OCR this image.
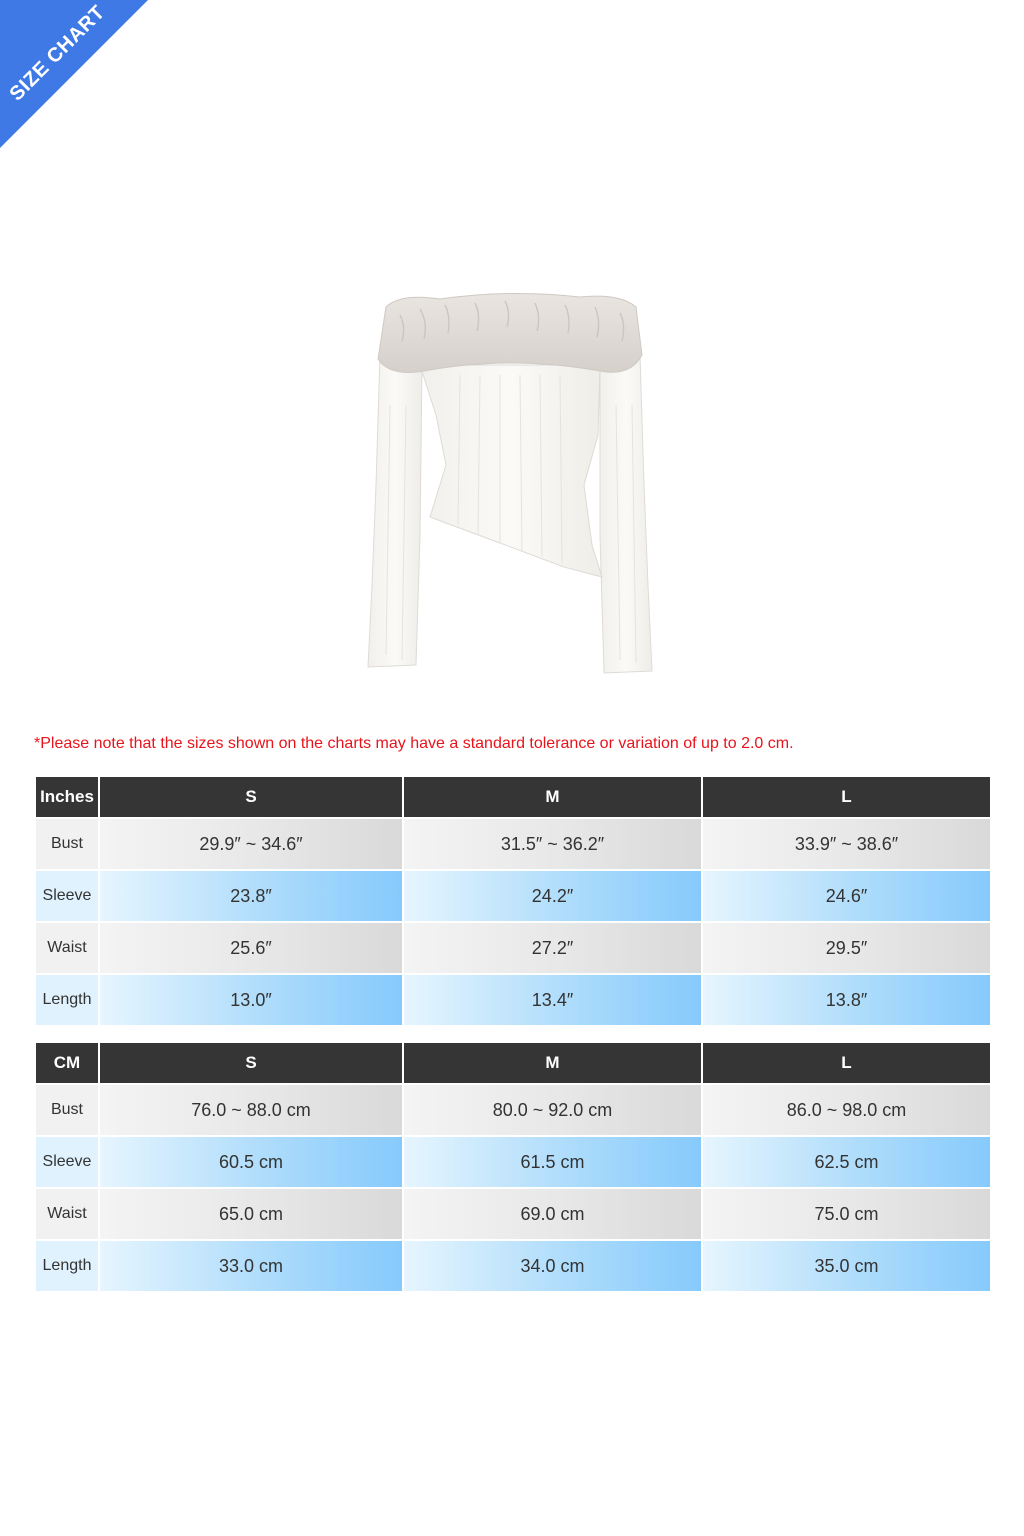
SIZE CHART
*Please note that the sizes shown on the charts may have a standard tolerance or variation of up to 2.0 cm.
Inches	S	M	L
Bust	29.9″ ~ 34.6″	31.5″ ~ 36.2″	33.9″ ~ 38.6″
Sleeve	23.8″	24.2″	24.6″
Waist	25.6″	27.2″	29.5″
Length	13.0″	13.4″	13.8″
CM	S	M	L
Bust	76.0 ~ 88.0 cm	80.0 ~ 92.0 cm	86.0 ~ 98.0 cm
Sleeve	60.5 cm	61.5 cm	62.5 cm
Waist	65.0 cm	69.0 cm	75.0 cm
Length	33.0 cm	34.0 cm	35.0 cm
